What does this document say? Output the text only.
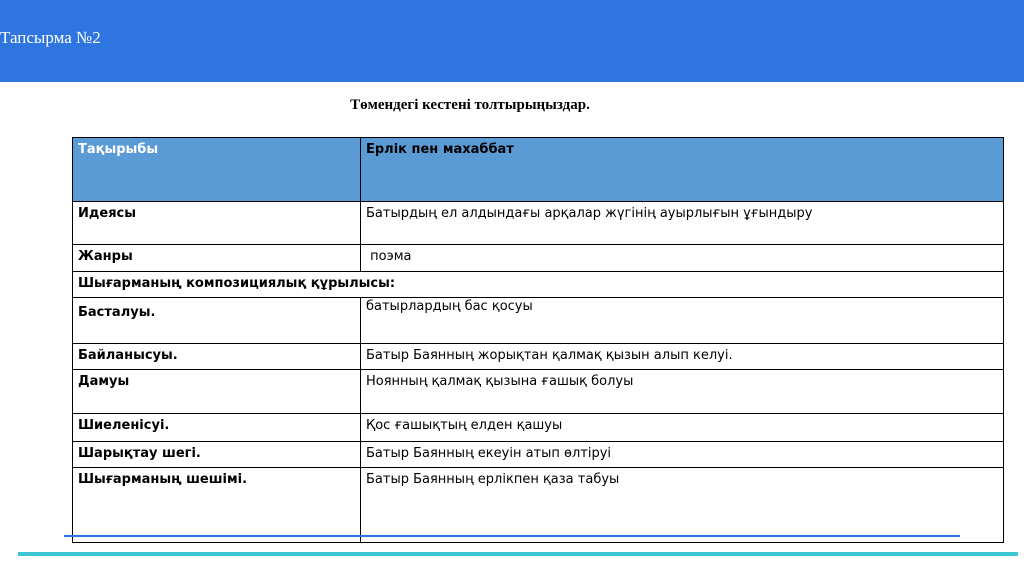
Тапсырма №2
Төмендегі кестені толтырыңыздар.
Тақырыбы	Ерлік пен махаббат
Идеясы	Батырдың ел алдындағы арқалар жүгінің ауырлығын ұғындыру
Жанры	поэма
Шығарманың композициялық құрылысы:	
Басталуы.	батырлардың бас қосуы
Байланысуы.	Батыр Баянның жорықтан қалмақ қызын алып келуі.
Дамуы	Ноянның қалмақ қызына ғашық болуы
Шиеленісуі.	Қос ғашықтың елден қашуы
Шарықтау шегі.	Батыр Баянның екеуін атып өлтіруі
Шығарманың шешімі.	Батыр Баянның ерлікпен қаза табуы
